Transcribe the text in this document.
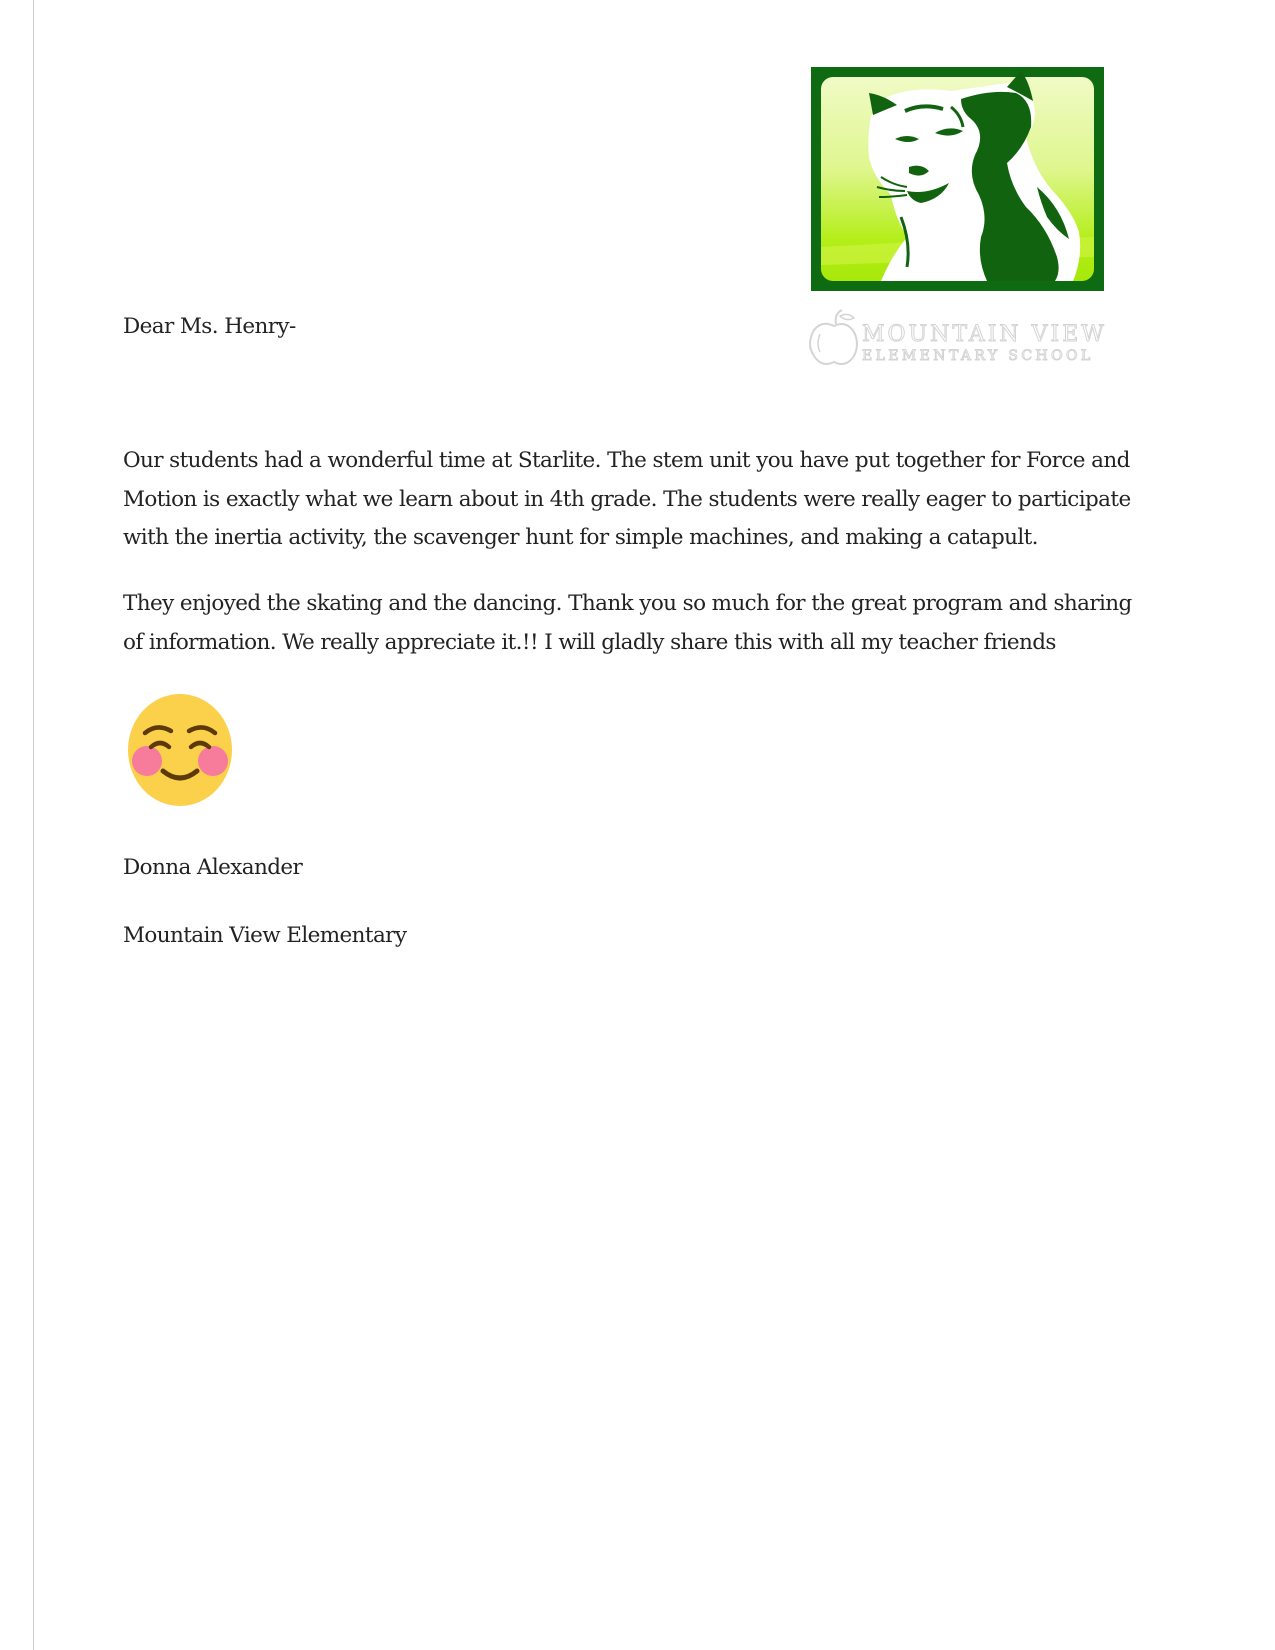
MOUNTAIN VIEW
ELEMENTARY SCHOOL
Dear Ms. Henry-
Our students had a wonderful time at Starlite. The stem unit you have put together for Force and
Motion is exactly what we learn about in 4th grade. The students were really eager to participate
with the inertia activity, the scavenger hunt for simple machines, and making a catapult.
They enjoyed the skating and the dancing. Thank you so much for the great program and sharing
of information. We really appreciate it.!! I will gladly share this with all my teacher friends
Donna Alexander
Mountain View Elementary
